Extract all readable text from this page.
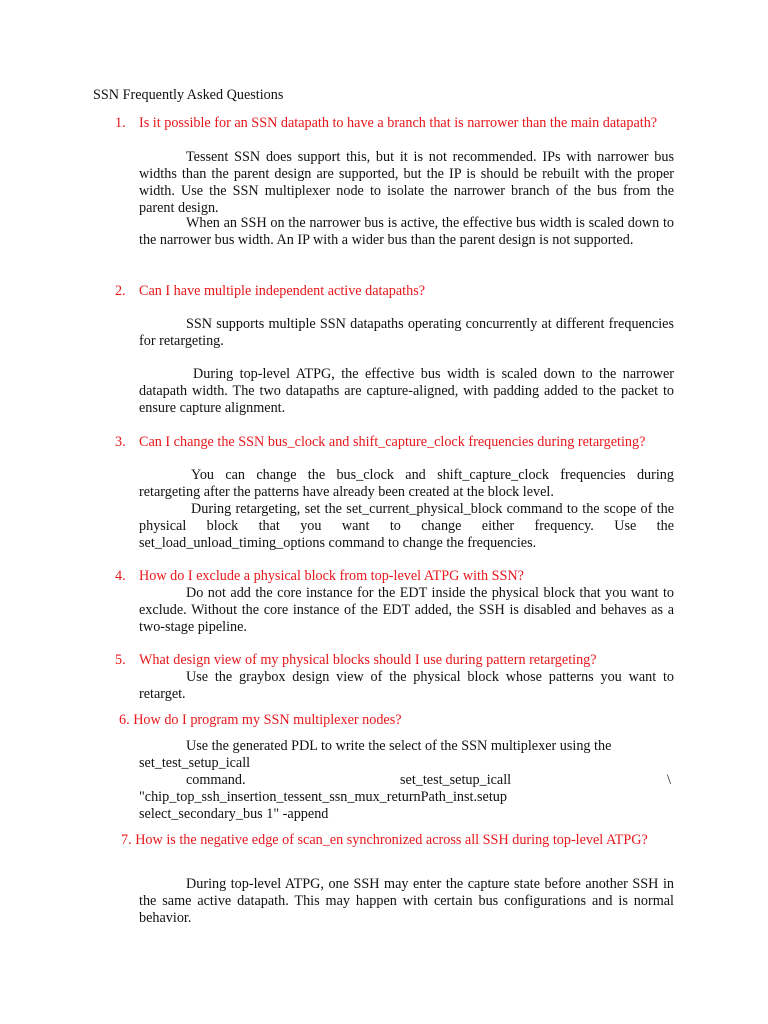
SSN Frequently Asked Questions
1. Is it possible for an SSN datapath to have a branch that is narrower than the main datapath?
Tessent SSN does support this, but it is not recommended. IPs with narrower bus widths than the parent design are supported, but the IP is should be rebuilt with the proper width. Use the SSN multiplexer node to isolate the narrower branch of the bus from the parent design.
When an SSH on the narrower bus is active, the effective bus width is scaled down to the narrower bus width. An IP with a wider bus than the parent design is not supported.
2. Can I have multiple independent active datapaths?
SSN supports multiple SSN datapaths operating concurrently at different frequencies for retargeting.
During top-level ATPG, the effective bus width is scaled down to the narrower datapath width. The two datapaths are capture-aligned, with padding added to the packet to ensure capture alignment.
3. Can I change the SSN bus_clock and shift_capture_clock frequencies during retargeting?
You can change the bus_clock and shift_capture_clock frequencies during retargeting after the patterns have already been created at the block level.
During retargeting, set the set_current_physical_block command to the scope of the physical block that you want to change either frequency. Use the set_load_unload_timing_options command to change the frequencies.
4. How do I exclude a physical block from top-level ATPG with SSN?
Do not add the core instance for the EDT inside the physical block that you want to exclude. Without the core instance of the EDT added, the SSH is disabled and behaves as a two-stage pipeline.
5. What design view of my physical blocks should I use during pattern retargeting?
Use the graybox design view of the physical block whose patterns you want to retarget.
6. How do I program my SSN multiplexer nodes?
Use the generated PDL to write the select of the SSN multiplexer using the
set_test_setup_icall
command.	set_test_setup_icall	\
"chip_top_ssh_insertion_tessent_ssn_mux_returnPath_inst.setup
select_secondary_bus 1" -append
7. How is the negative edge of scan_en synchronized across all SSH during top-level ATPG?
During top-level ATPG, one SSH may enter the capture state before another SSH in the same active datapath. This may happen with certain bus configurations and is normal behavior.
